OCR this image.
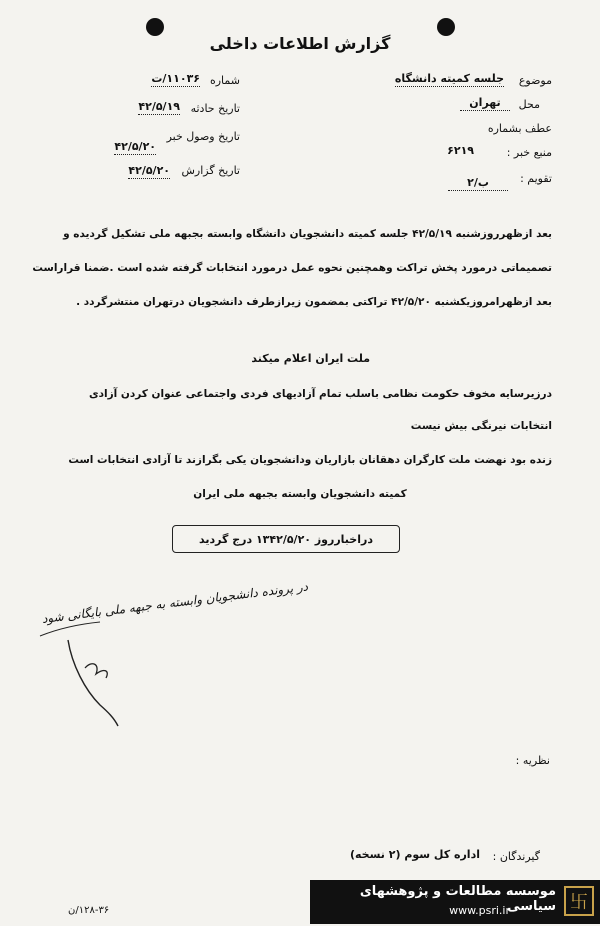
گزارش اطلاعات داخلی
موضوع
جلسه کمیته دانشگاه
محل
تهران
عطف بشماره
منبع خبر :
۶۲۱۹
تقویم :
ب/۲
شماره
۱۱۰۳۶/ت
تاریخ حادثه
۴۲/۵/۱۹
تاریخ وصول خبر
۴۲/۵/۲۰
تاریخ گزارش
۴۲/۵/۲۰
بعد ازظهرروزشنبه ۴۲/۵/۱۹ جلسه کمیته دانشجویان دانشگاه وابسته بجبهه ملی تشکیل گردیده و
تصمیماتی درمورد پخش تراکت وهمچنین نحوه عمل درمورد انتخابات گرفته شده است .ضمنا قراراست
بعد ازظهرامروزیکشنبه ۴۲/۵/۲۰ تراکتی بمضمون زیرازطرف دانشجویان درتهران منتشرگردد .
ملت ایران اعلام میکند
درزیرسایه مخوف حکومت نظامی باسلب تمام آزادیهای فردی واجتماعی عنوان کردن آزادی
انتخابات نیرنگی بیش نیست
زنده بود نهضت ملت کارگران دهقانان بازاریان ودانشجویان یکی بگرازند تا آزادی انتخابات است
کمیته دانشجویان وابسته بجبهه ملی ایران
دراخبارروز ۱۳۴۲/۵/۲۰ درج گردید
در پرونده دانشجویان وابسته به جبهه ملی بایگانی شود
نظریه :
گیرندگان :
اداره کل سوم (۲ نسخه)
۱۲۸-۳۶/ن	卐
موسسه مطالعات و پژوهشهای سیاسی
www.psri.ir
